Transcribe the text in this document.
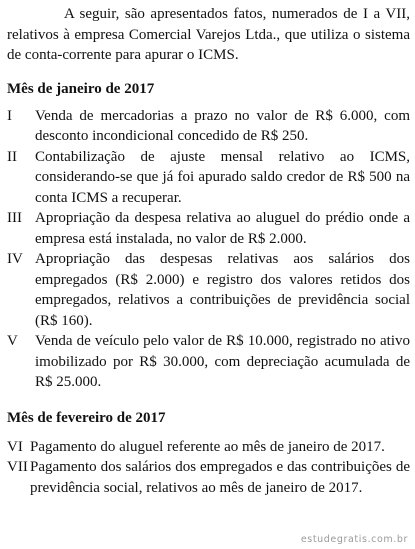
A seguir, são apresentados fatos, numerados de I a VII, relativos à empresa Comercial Varejos Ltda., que utiliza o sistema de conta-corrente para apurar o ICMS.

Mês de janeiro de 2017
I	Venda de mercadorias a prazo no valor de R$ 6.000, com desconto incondicional concedido de R$ 250.
II	Contabilização de ajuste mensal relativo ao ICMS, considerando-se que já foi apurado saldo credor de R$ 500 na conta ICMS a recuperar.
III Apropriação da despesa relativa ao aluguel do prédio onde a empresa está instalada, no valor de R$ 2.000.
IV Apropriação das despesas relativas aos salários dos empregados (R$ 2.000) e registro dos valores retidos dos empregados, relativos a contribuições de previdência social (R$ 160).
V	Venda de veículo pelo valor de R$ 10.000, registrado no ativo imobilizado por R$ 30.000, com depreciação acumulada de R$ 25.000.
Mês de fevereiro de 2017
VI Pagamento do aluguel referente ao mês de janeiro de 2017.
VII Pagamento dos salários dos empregados e das contribuições de previdência social, relativos ao mês de janeiro de 2017.
estudegratis.com.br
